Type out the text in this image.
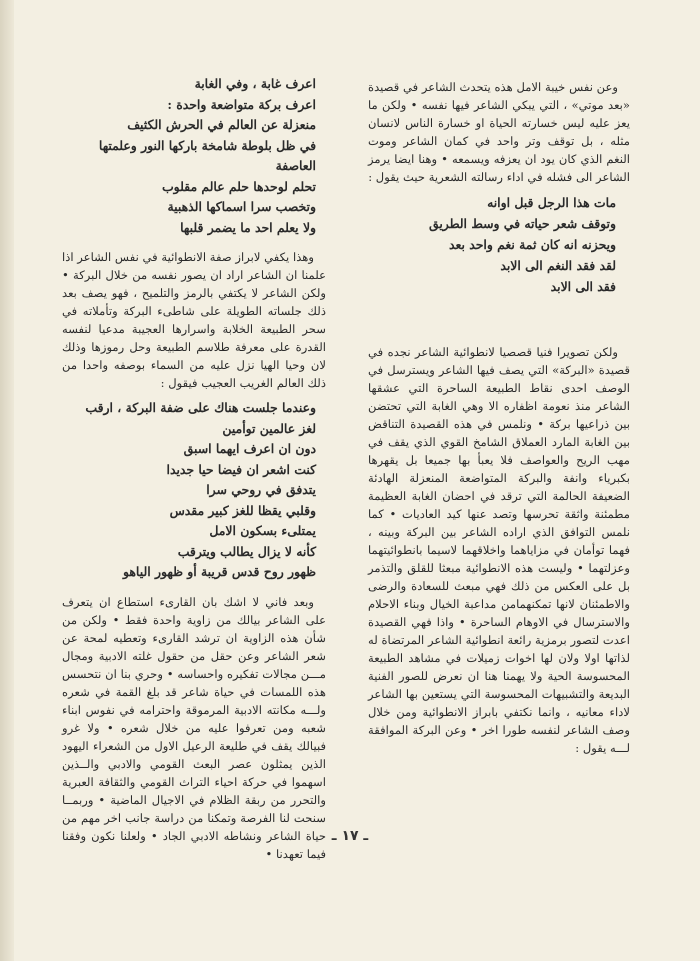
وعن نفس خيبة الامل هذه يتحدث الشاعر في قصيدة «بعد موتي» ، التي يبكي الشاعر فيها نفسه • ولكن ما يعز عليه ليس خسارته الحياة او خسارة الناس لانسان مثله ، بل توقف وتر واحد في كمان الشاعر وموت النغم الذي كان يود ان يعزفه ويسمعه • وهنا ايضا يرمز الشاعر الى فشله في اداء رسالته الشعرية حيث يقول :

مات هذا الرجل قبل اوانه
وتوقف شعر حياته في وسط الطريق
ويحزنه انه كان ثمة نغم واحد بعد
لقد فقد النغم الى الابد
فقد الى الابد

ولكن تصويرا فنيا قصصيا لانطوائية الشاعر نجده في قصيدة «البركة» التي يصف فيها الشاعر ويسترسل في الوصف احدى نقاط الطبيعة الساحرة التي عشقها الشاعر منذ نعومة اظفاره الا وهي الغابة التي تحتضن بين ذراعيها بركة • ونلمس في هذه القصيدة التناقض بين الغابة المارد العملاق الشامخ القوي الذي يقف في مهب الريح والعواصف فلا يعبأ بها جميعا بل يقهرها بكبرياء وانفة والبركة المتواضعة المنعزلة الهادئة الضعيفة الحالمة التي ترقد في احضان الغابة العظيمة مطمئنة واثقة تحرسها وتصد عنها كيد العاديات • كما نلمس التوافق الذي اراده الشاعر بين البركة وبينه ، فهما توأمان في مزاياهما واخلاقهما لاسيما بانطوائيتهما وعزلتهما • وليست هذه الانطوائية مبعثا للقلق والتذمر بل على العكس من ذلك فهي مبعث للسعادة والرضى والاطمئنان لانها تمكنهمامن مداعبة الخيال وبناء الاحلام والاسترسال في الاوهام الساحرة • واذا فهي القصيدة اعدت لتصور برمزية رائعة انطوائية الشاعر المرتضاة له لذاتها اولا ولان لها اخوات زميلات في مشاهد الطبيعة المحسوسة الحية ولا يهمنا هنا ان نعرض للصور الفنية البديعة والتشبيهات المحسوسة التي يستعين بها الشاعر لاداء معانيه ، وانما نكتفي بابراز الانطوائية ومن خلال وصف الشاعر لنفسه طورا اخر • وعن البركة الموافقة لـــه يقول :

اعرف غابة ، وفي الغابة
اعرف بركة متواضعة واحدة :
منعزلة عن العالم في الحرش الكثيف
في ظل بلوطة شامخة باركها النور وعلمتها العاصفة
تحلم لوحدها حلم عالم مقلوب
وتخصب سرا اسماكها الذهبية
ولا يعلم احد ما يضمر قلبها

وهذا يكفي لابراز صفة الانطوائية في نفس الشاعر اذا علمنا ان الشاعر اراد ان يصور نفسه من خلال البركة • ولكن الشاعر لا يكتفي بالرمز والتلميح ، فهو يصف بعد ذلك جلساته الطويلة على شاطىء البركة وتأملاته في سحر الطبيعة الخلابة واسرارها العجيبة مدعيا لنفسه القدرة على معرفة طلاسم الطبيعة وحل رموزها وذلك لان وحيا الهيا نزل عليه من السماء بوصفه واحدا من ذلك العالم الغريب العجيب فيقول :

وعندما جلست هناك على ضفة البركة ، ارقب
لغز عالمين توأمين
دون ان اعرف ايهما اسبق
كنت اشعر ان فيضا حيا جديدا
يتدفق في روحي سرا
وقلبي يقظا للغز كبير مقدس
يمتلىء بسكون الامل
كأنه لا يزال يطالب ويترقب
ظهور روح قدس قريبة أو ظهور الياهو

وبعد فاني لا اشك بان القارىء استطاع ان يتعرف على الشاعر بيالك من زاوية واحدة فقط • ولكن من شأن هذه الزاوية ان ترشد القارىء وتعطيه لمحة عن شعر الشاعر وعن حقل من حقول غلته الادبية ومجال مـــن مجالات تفكيره واحساسه • وحري بنا ان نتحسس هذه اللمسات في حياة شاعر قد بلغ القمة في شعره ولـــه مكانته الادبية المرموقة واحترامه في نفوس ابناء شعبه ومن تعرفوا عليه من خلال شعره • ولا غرو فبيالك يقف في طليعة الرعيل الاول من الشعراء اليهود الذين يمثلون عصر البعث القومي والادبي والــذين اسهموا في حركة احياء التراث القومي والثقافة العبرية والتحرر من ربقة الظلام في الاجيال الماضية • وربمــا سنحت لنا الفرصة وتمكنا من دراسة جانب اخر مهم من حياة الشاعر ونشاطه الادبي الجاد • ولعلنا نكون وفقنا فيما تعهدنا •

ـ ١٧ ـ
